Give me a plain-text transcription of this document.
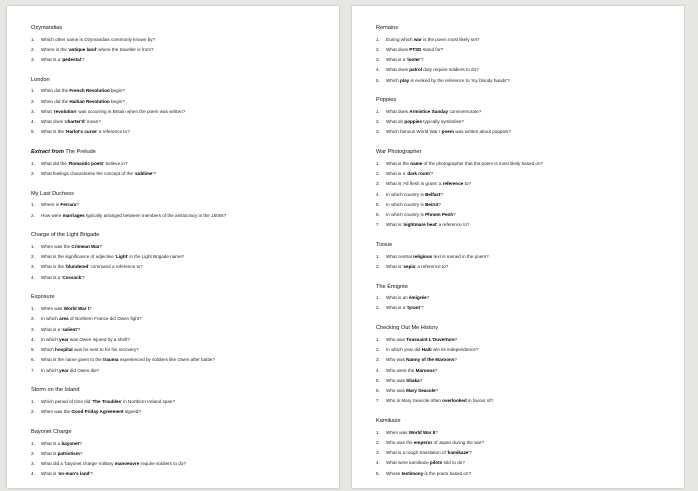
Ozymandias
1.	Which other name is Ozymandias commonly known by?
2.	Where is the 'antique land' where the traveller is from?
3.	What is a 'pedestal'?
London
1.	When did the French Revolution begin?
2.	When did the Haitian Revolution begin?
3.	What 'revolution' was occurring in Britain when the poem was written?
4.	What does 'charter'd' mean?
5.	What is the 'Harlot's curse' a reference to?
Extract from The Prelude
1.	What did the 'Romantic poets' believe in?
2.	What feelings characterise the concept of the 'sublime'?
My Last Duchess
1.	Where is Ferrara?
2.	How were marriages typically arranged between members of the aristocracy in the 1500s?
Charge of the Light Brigade
1.	When was the Crimean War?
2.	What is the significance of adjective 'Light' in the Light Brigade name?
3.	What is the 'blundered' command a reference to?
4.	What is a 'Cossack'?
Exposure
1.	When was World War I?
2.	In which area of Northern France did Owen fight?
3.	What is a 'salient'?
4.	In which year was Owen injured by a shell?
5.	Which hospital was he sent to for his recovery?
6.	What is the name given to the trauma experienced by soldiers like Owen after battle?
7.	In which year did Owen die?
Storm on the Island
1.	Which period of time did 'The Troubles' in Northern Ireland span?
2.	When was the Good Friday Agreement signed?
Bayonet Charge
1.	What is a bayonet?
2.	What is patriotism?
3.	What did a 'bayonet charge' military manoeuvre require soldiers to do?
4.	What is 'no-man's land'?
Remains
1.	During which war is the poem most likely set?
2.	What does PTSD stand for?
3.	What is a 'looter'?
4.	What does patrol duty require soldiers to do?
5.	Which play is evoked by the reference to 'my bloody hands'?
Poppies
1.	What does Armistice Sunday commemorate?
2.	What do poppies typically symbolise?
3.	Which famous World War I poem was written about poppies?
War Photographer
1.	What is the name of the photographer that the poem is most likely based on?
2.	What is a 'dark room'?
3.	What is 'All flesh is grass' a reference to?
4.	In which country is Belfast?
5.	In which country is Beirut?
6.	In which country is Phnom Penh?
7.	What is 'nightmare heat' a reference to?
Tissue
1.	What central religious text is named in the poem?
2.	What is 'sepia' a reference to?
The Émigrée
1.	What is an émigrée?
2.	What is a 'tyrant'?
Checking Out Me History
1.	Who was Toussaint L'Ouverture?
2.	In which year did Haiti win its independence?
3.	Who was Nanny of the Maroons?
4.	Who were the Maroons?
5.	Who was Shaka?
6.	Who was Mary Seacole?
7.	Who is Mary Seacole often overlooked in favour of?
Kamikaze
1.	When was World War II?
2.	Who was the emperor of Japan during the war?
3.	What is a rough translation of 'kamikaze'?
4.	What were kamikaze pilots told to do?
5.	Whose testimony is the poem based on?
